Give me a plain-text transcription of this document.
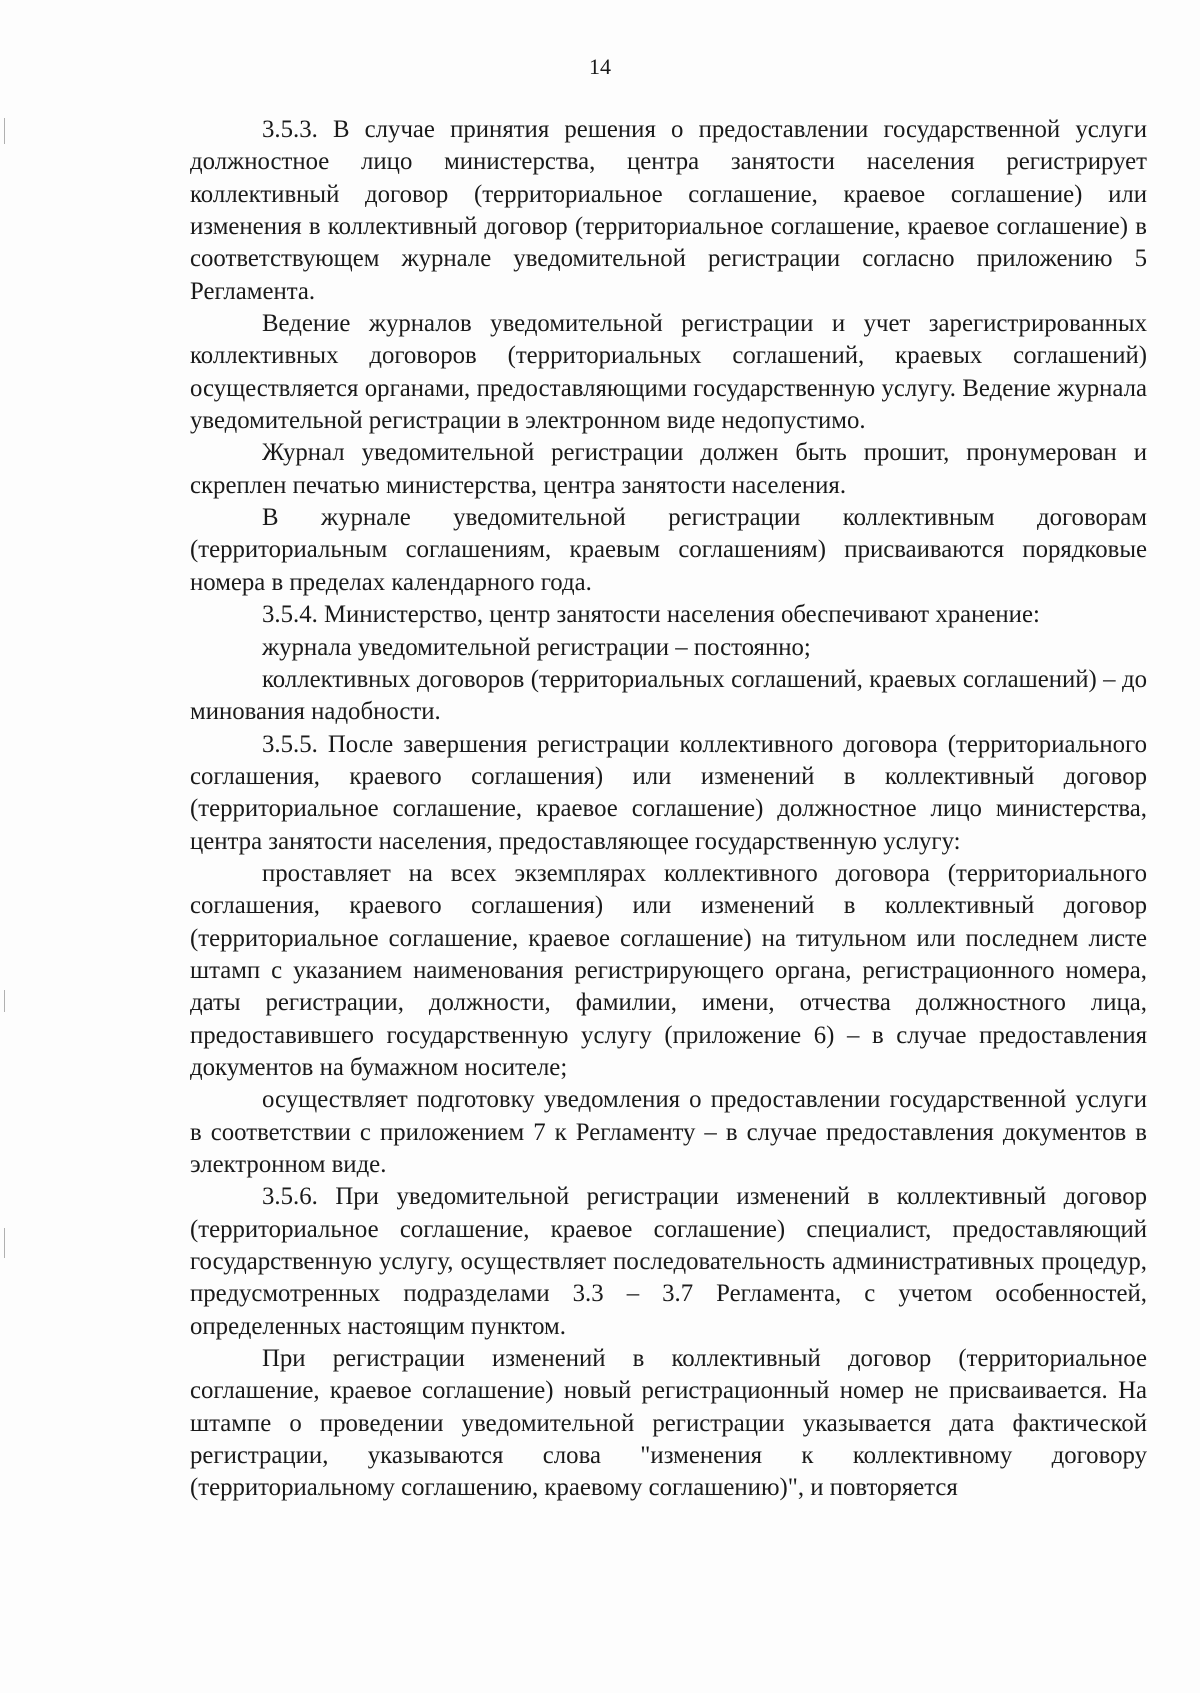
14

3.5.3. В случае принятия решения о предоставлении государственной услуги должностное лицо министерства, центра занятости населения регистрирует коллективный договор (территориальное соглашение, краевое соглашение) или изменения в коллективный договор (территориальное соглашение, краевое соглашение) в соответствующем журнале уведомительной регистрации согласно приложению 5 Регламента.

Ведение журналов уведомительной регистрации и учет зарегистрированных коллективных договоров (территориальных соглашений, краевых соглашений) осуществляется органами, предоставляющими государственную услугу. Ведение журнала уведомительной регистрации в электронном виде недопустимо.

Журнал уведомительной регистрации должен быть прошит, пронумерован и скреплен печатью министерства, центра занятости населения.

В журнале уведомительной регистрации коллективным договорам (территориальным соглашениям, краевым соглашениям) присваиваются порядковые номера в пределах календарного года.

3.5.4. Министерство, центр занятости населения обеспечивают хранение:

журнала уведомительной регистрации – постоянно;

коллективных договоров (территориальных соглашений, краевых соглашений) – до минования надобности.

3.5.5. После завершения регистрации коллективного договора (территориального соглашения, краевого соглашения) или изменений в коллективный договор (территориальное соглашение, краевое соглашение) должностное лицо министерства, центра занятости населения, предоставляющее государственную услугу:

проставляет на всех экземплярах коллективного договора (территориального соглашения, краевого соглашения) или изменений в коллективный договор (территориальное соглашение, краевое соглашение) на титульном или последнем листе штамп с указанием наименования регистрирующего органа, регистрационного номера, даты регистрации, должности, фамилии, имени, отчества должностного лица, предоставившего государственную услугу (приложение 6) – в случае предоставления документов на бумажном носителе;

осуществляет подготовку уведомления о предоставлении государственной услуги в соответствии с приложением 7 к Регламенту – в случае предоставления документов в электронном виде.

3.5.6. При уведомительной регистрации изменений в коллективный договор (территориальное соглашение, краевое соглашение) специалист, предоставляющий государственную услугу, осуществляет последовательность административных процедур, предусмотренных подразделами 3.3 – 3.7 Регламента, с учетом особенностей, определенных настоящим пунктом.

При регистрации изменений в коллективный договор (территориальное соглашение, краевое соглашение) новый регистрационный номер не присваивается. На штампе о проведении уведомительной регистрации указывается дата фактической регистрации, указываются слова "изменения к коллективному договору (территориальному соглашению, краевому соглашению)", и повторяется
